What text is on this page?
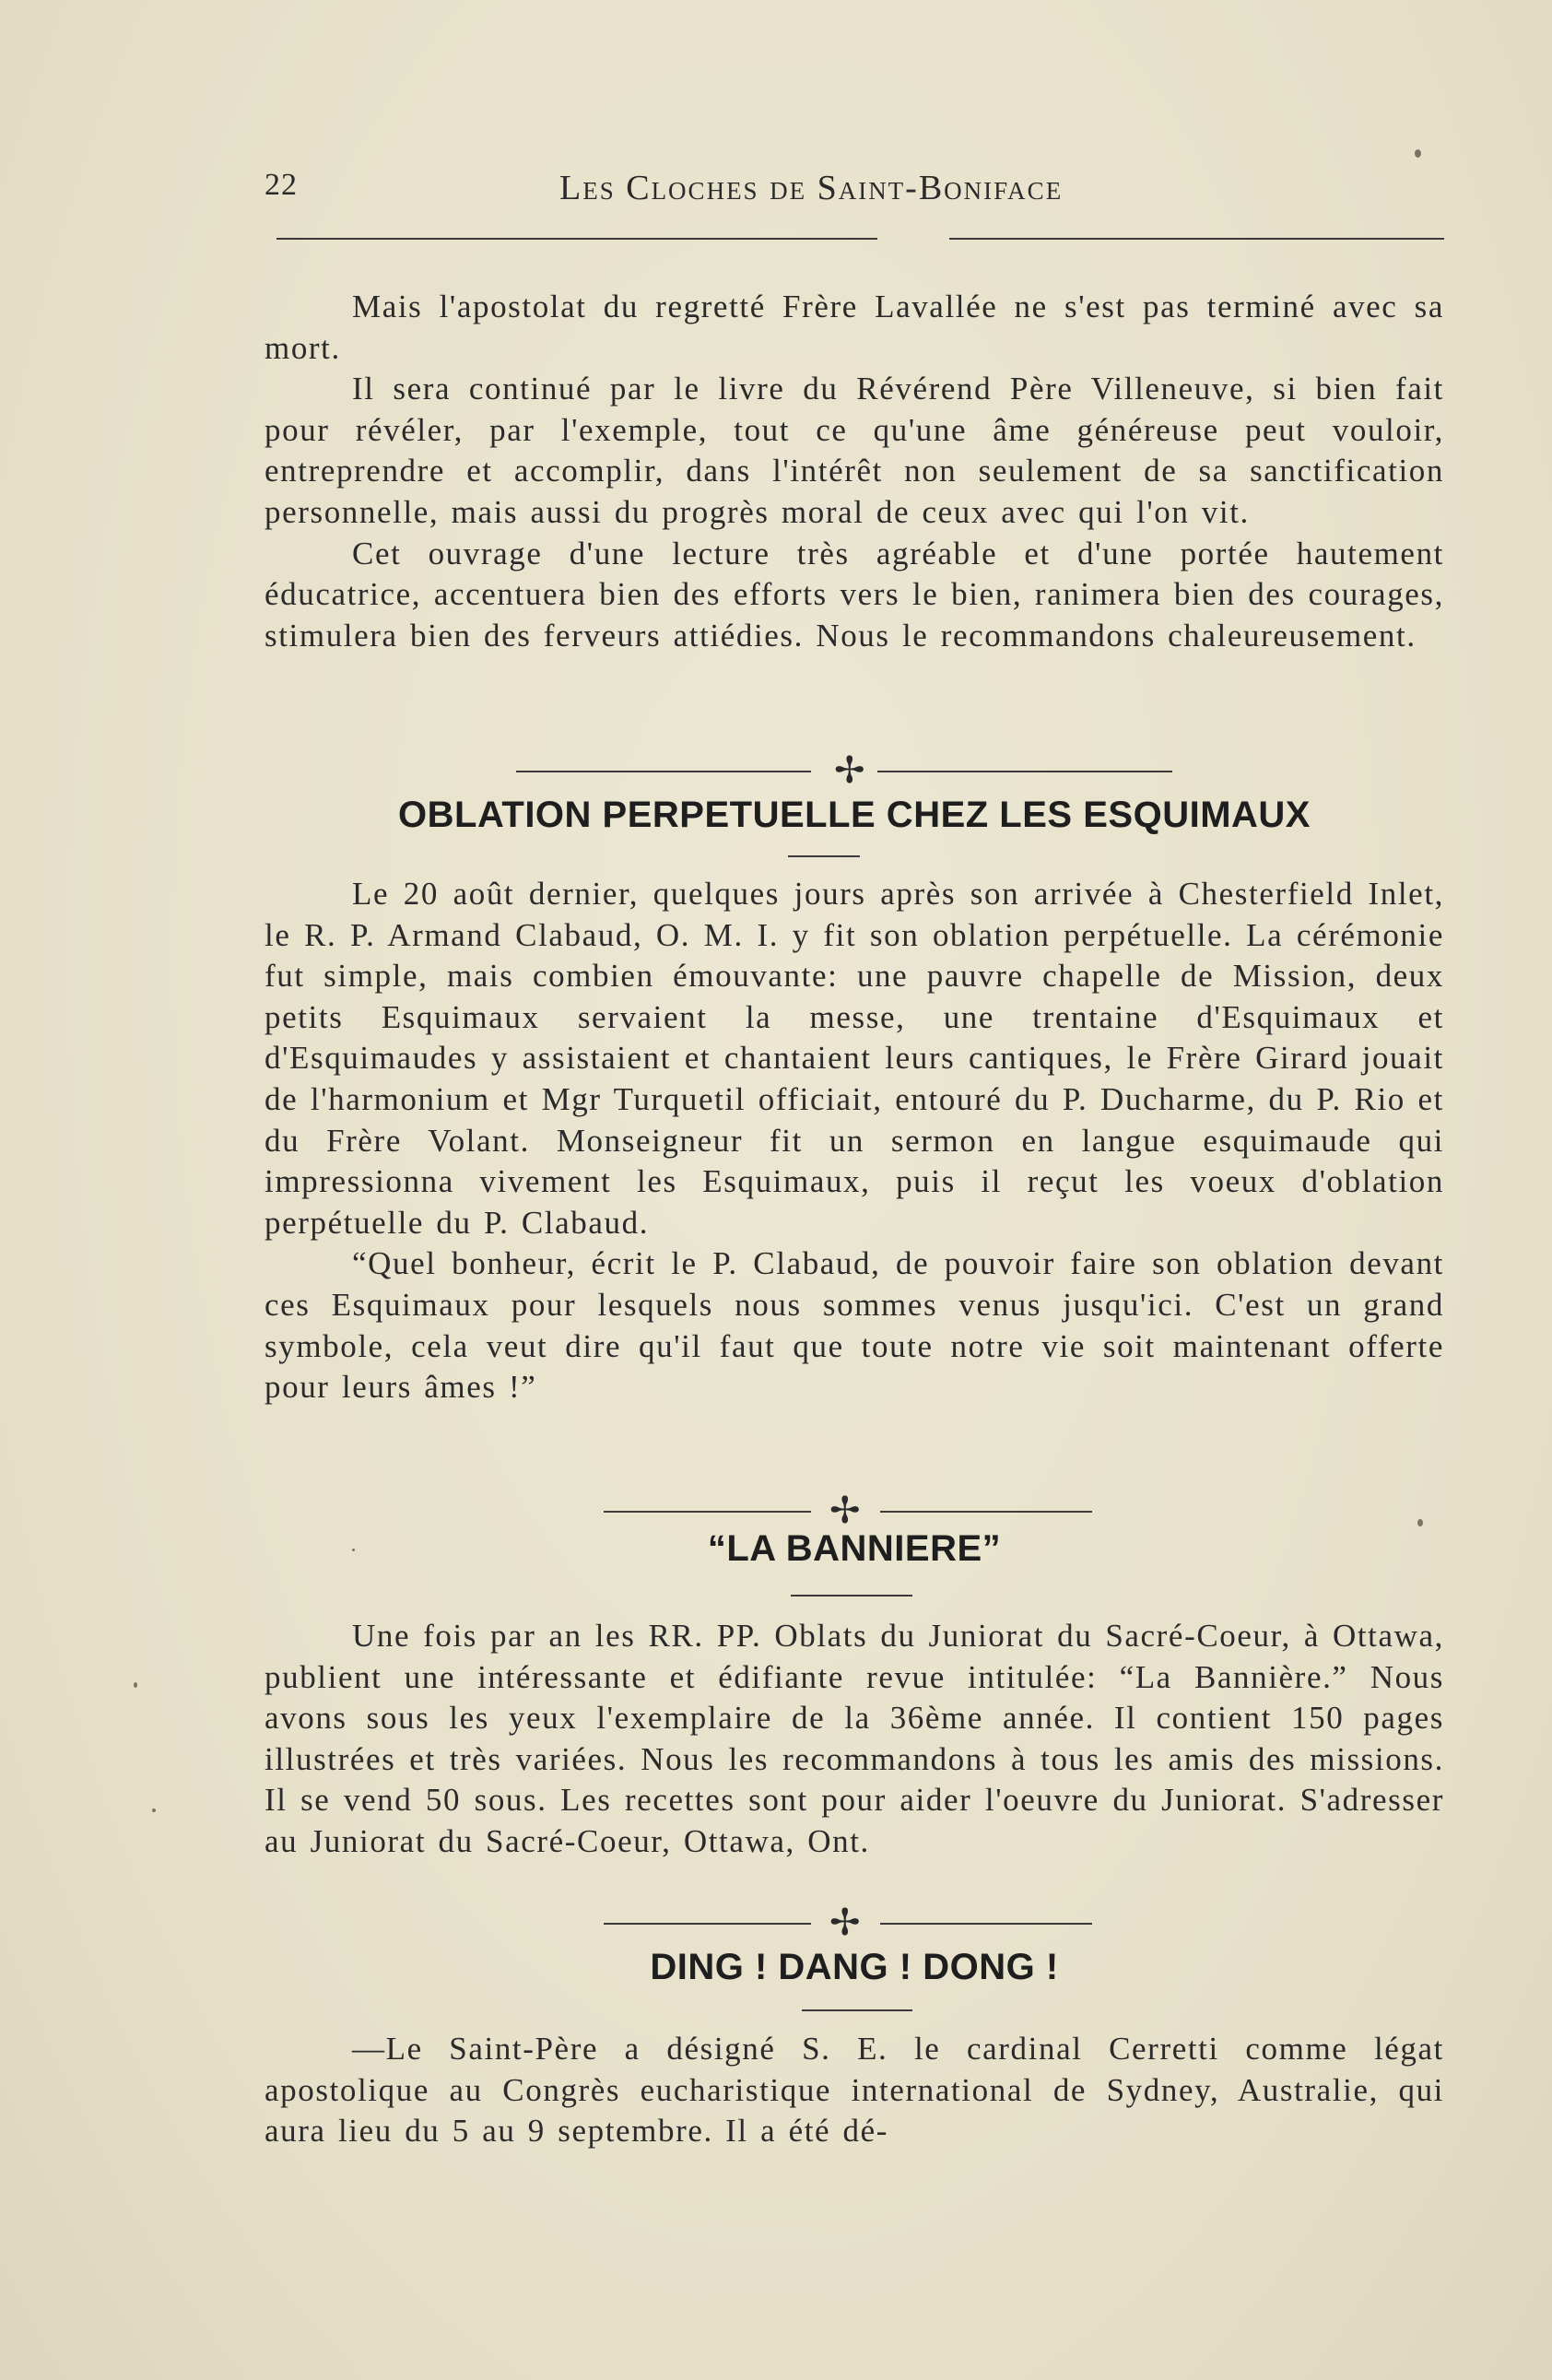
22	Les Cloches de Saint-Boniface

Mais l'apostolat du regretté Frère Lavallée ne s'est pas terminé avec sa mort.

Il sera continué par le livre du Révérend Père Villeneuve, si bien fait pour révéler, par l'exemple, tout ce qu'une âme généreuse peut vouloir, entreprendre et accomplir, dans l'intérêt non seulement de sa sanctification personnelle, mais aussi du progrès moral de ceux avec qui l'on vit.

Cet ouvrage d'une lecture très agréable et d'une portée hautement éducatrice, accentuera bien des efforts vers le bien, ranimera bien des courages, stimulera bien des ferveurs attiédies. Nous le recommandons chaleureusement.

✢
OBLATION PERPETUELLE CHEZ LES ESQUIMAUX

Le 20 août dernier, quelques jours après son arrivée à Chesterfield Inlet, le R. P. Armand Clabaud, O. M. I. y fit son oblation perpétuelle. La cérémonie fut simple, mais combien émouvante: une pauvre chapelle de Mission, deux petits Esquimaux servaient la messe, une trentaine d'Esquimaux et d'Esquimaudes y assistaient et chantaient leurs cantiques, le Frère Girard jouait de l'harmonium et Mgr Turquetil officiait, entouré du P. Ducharme, du P. Rio et du Frère Volant. Monseigneur fit un sermon en langue esquimaude qui impressionna vivement les Esquimaux, puis il reçut les voeux d'oblation perpétuelle du P. Clabaud.

“Quel bonheur, écrit le P. Clabaud, de pouvoir faire son oblation devant ces Esquimaux pour lesquels nous sommes venus jusqu'ici. C'est un grand symbole, cela veut dire qu'il faut que toute notre vie soit maintenant offerte pour leurs âmes !”

✢
“LA BANNIERE”

Une fois par an les RR. PP. Oblats du Juniorat du Sacré-Coeur, à Ottawa, publient une intéressante et édifiante revue intitulée: “La Bannière.” Nous avons sous les yeux l'exemplaire de la 36ème année. Il contient 150 pages illustrées et très variées. Nous les recommandons à tous les amis des missions. Il se vend 50 sous. Les recettes sont pour aider l'oeuvre du Juniorat. S'adresser au Juniorat du Sacré-Coeur, Ottawa, Ont.

✢
DING ! DANG ! DONG !

—Le Saint-Père a désigné S. E. le cardinal Cerretti comme légat apostolique au Congrès eucharistique international de Sydney, Australie, qui aura lieu du 5 au 9 septembre. Il a été dé-
